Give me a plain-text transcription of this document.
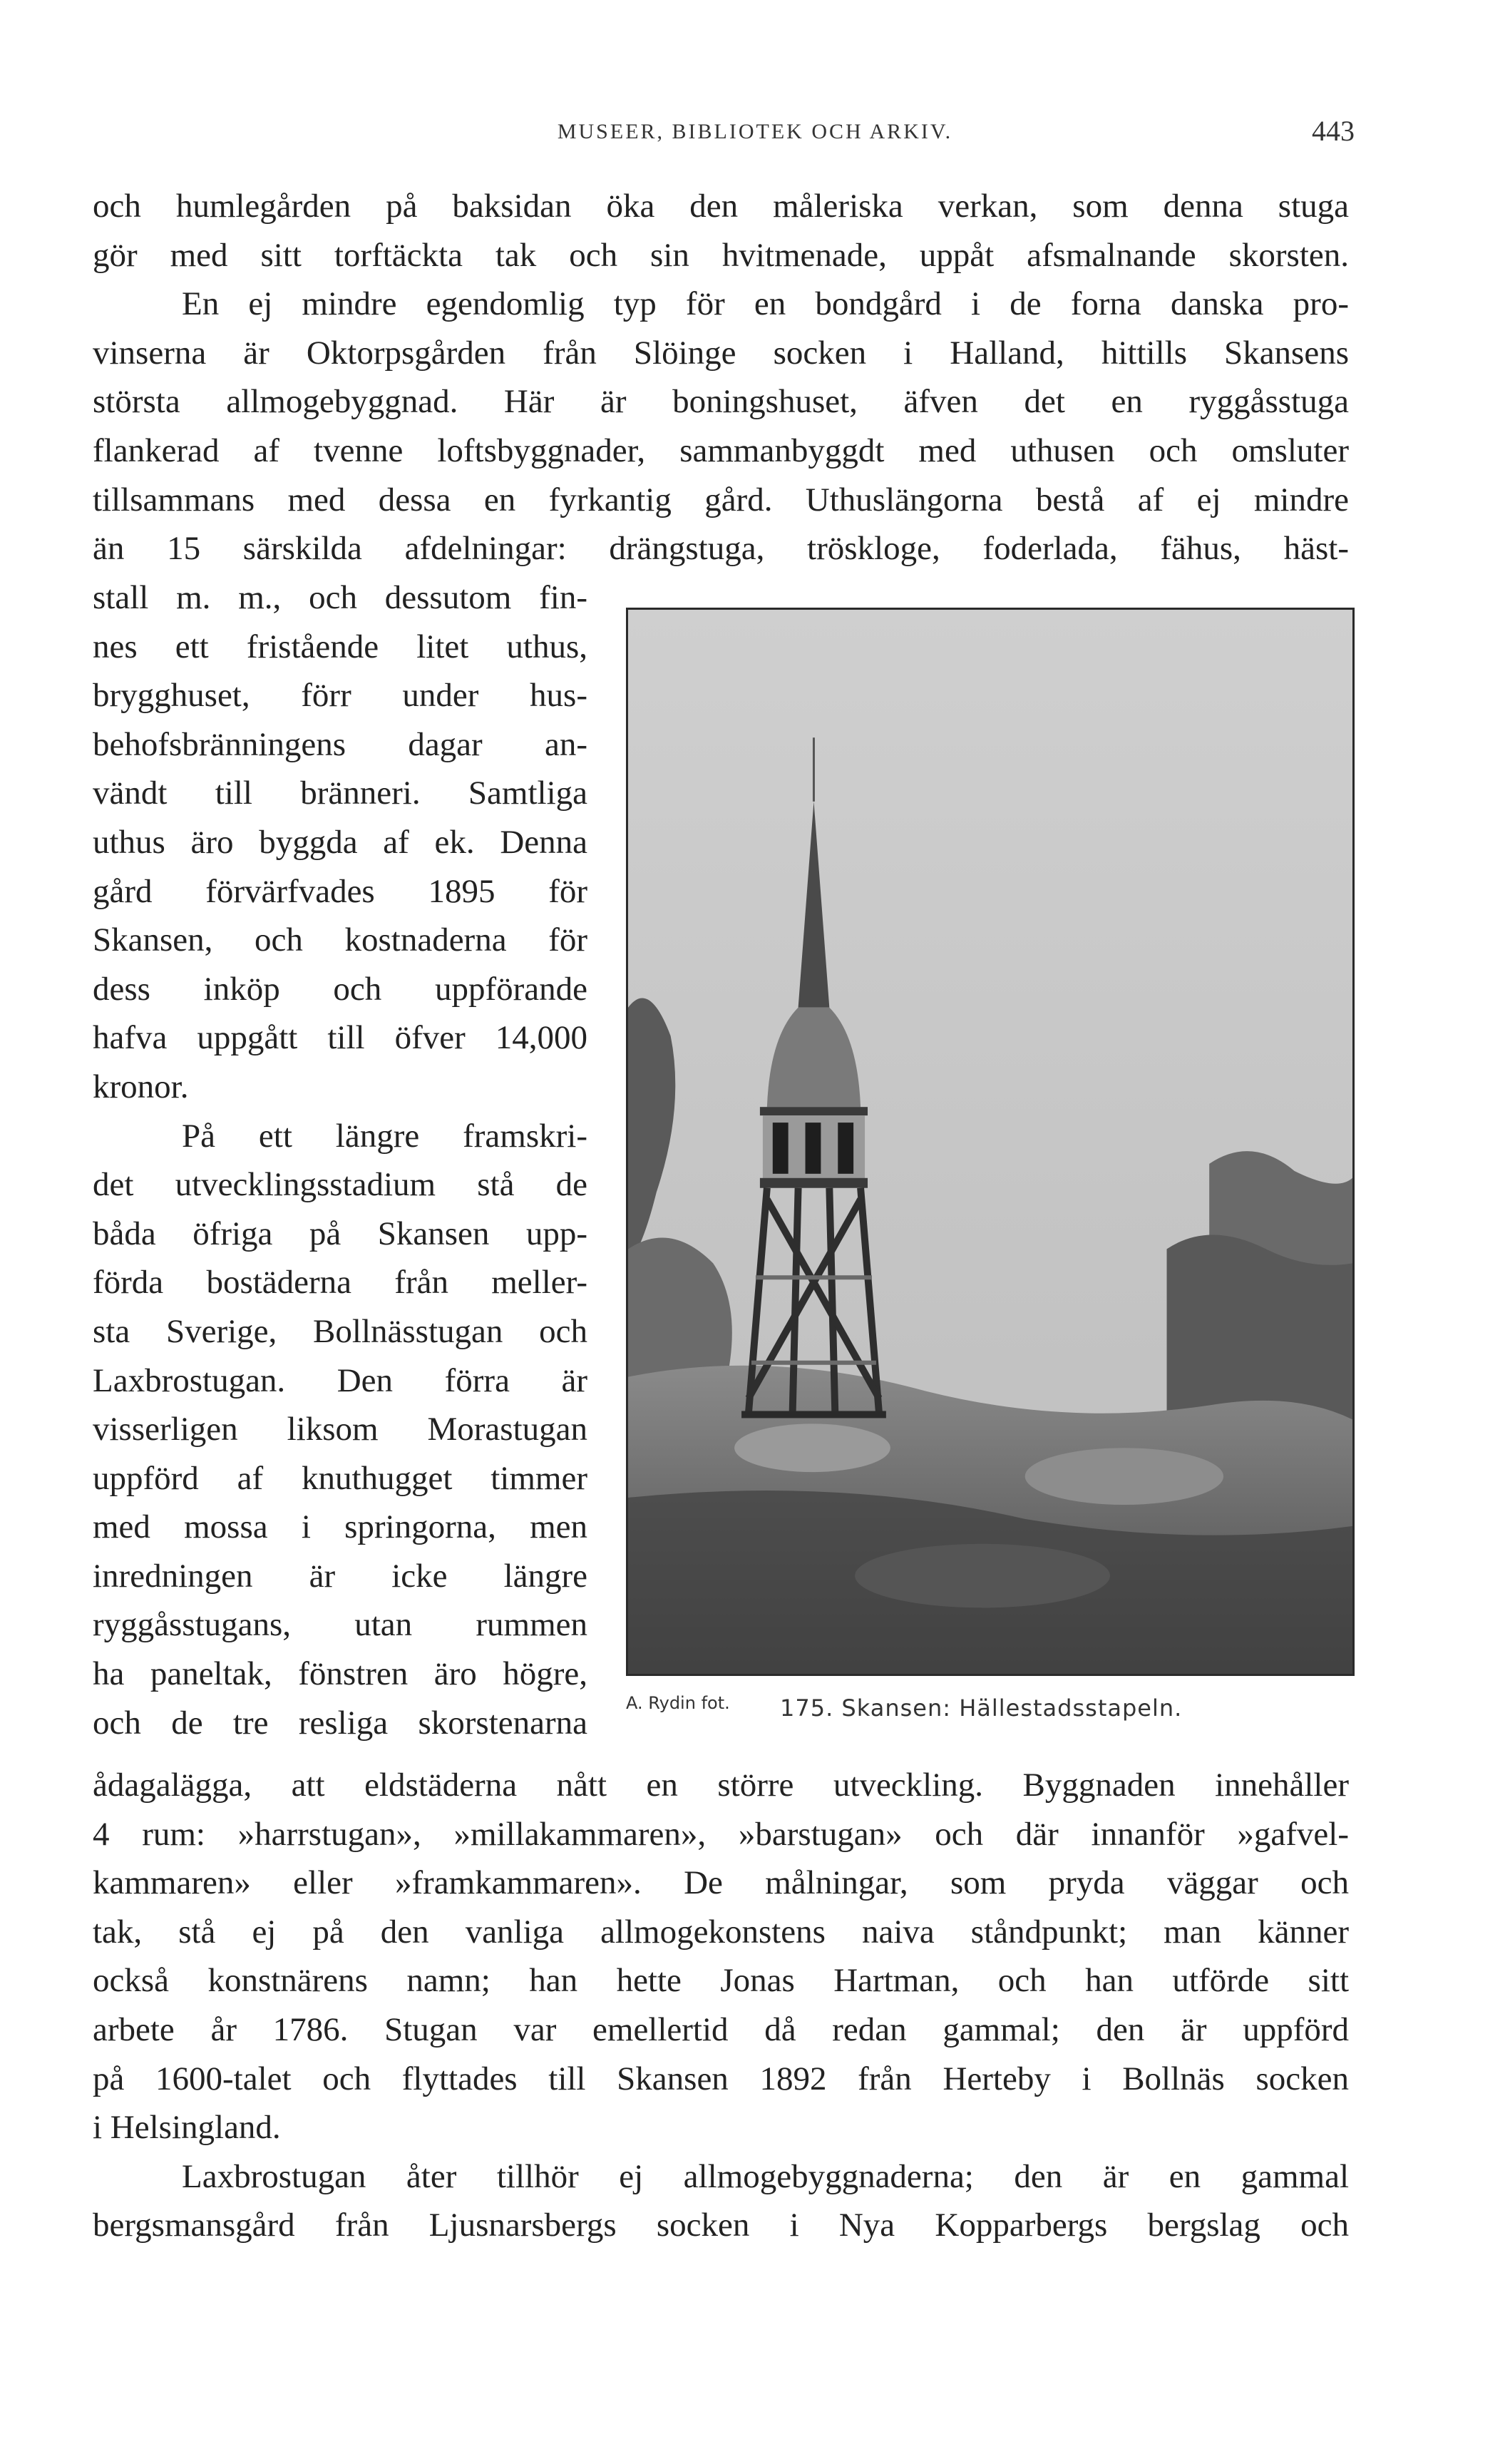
MUSEER, BIBLIOTEK OCH ARKIV.	443
och humlegården på baksidan öka den måleriska verkan, som denna stuga
gör med sitt torftäckta tak och sin hvitmenade, uppåt afsmalnande skorsten.
En ej mindre egendomlig typ för en bondgård i de forna danska pro-
vinserna är Oktorpsgården från Slöinge socken i Halland, hittills Skansens
största allmogebyggnad. Här är boningshuset, äfven det en ryggåsstuga
flankerad af tvenne loftsbyggnader, sammanbyggdt med uthusen och omsluter
tillsammans med dessa en fyrkantig gård. Uthuslängorna bestå af ej mindre
än 15 särskilda afdelningar: drängstuga, tröskloge, foderlada, fähus, häst-
stall m. m., och dessutom fin-
nes ett fristående litet uthus,
brygghuset, förr under hus-
behofsbränningens dagar an-
vändt till bränneri. Samtliga
uthus äro byggda af ek. Denna
gård förvärfvades 1895 för
Skansen, och kostnaderna för
dess inköp och uppförande
hafva uppgått till öfver 14,000
kronor.
På ett längre framskri-
det utvecklingsstadium stå de
båda öfriga på Skansen upp-
förda bostäderna från meller-
sta Sverige, Bollnässtugan och
Laxbrostugan. Den förra är
visserligen liksom Morastugan
uppförd af knuthugget timmer
med mossa i springorna, men
inredningen är icke längre
ryggåsstugans, utan rummen
ha paneltak, fönstren äro högre,
och de tre resliga skorstenarna
A. Rydin fot. 175. Skansen: Hällestadsstapeln.
ådagalägga, att eldstäderna nått en större utveckling. Byggnaden innehåller
4 rum: »harrstugan», »millakammaren», »barstugan» och där innanför »gafvel-
kammaren» eller »framkammaren». De målningar, som pryda väggar och
tak, stå ej på den vanliga allmogekonstens naiva ståndpunkt; man känner
också konstnärens namn; han hette Jonas Hartman, och han utförde sitt
arbete år 1786. Stugan var emellertid då redan gammal; den är uppförd
på 1600-talet och flyttades till Skansen 1892 från Herteby i Bollnäs socken
i Helsingland.
Laxbrostugan åter tillhör ej allmogebyggnaderna; den är en gammal
bergsmansgård från Ljusnarsbergs socken i Nya Kopparbergs bergslag och
